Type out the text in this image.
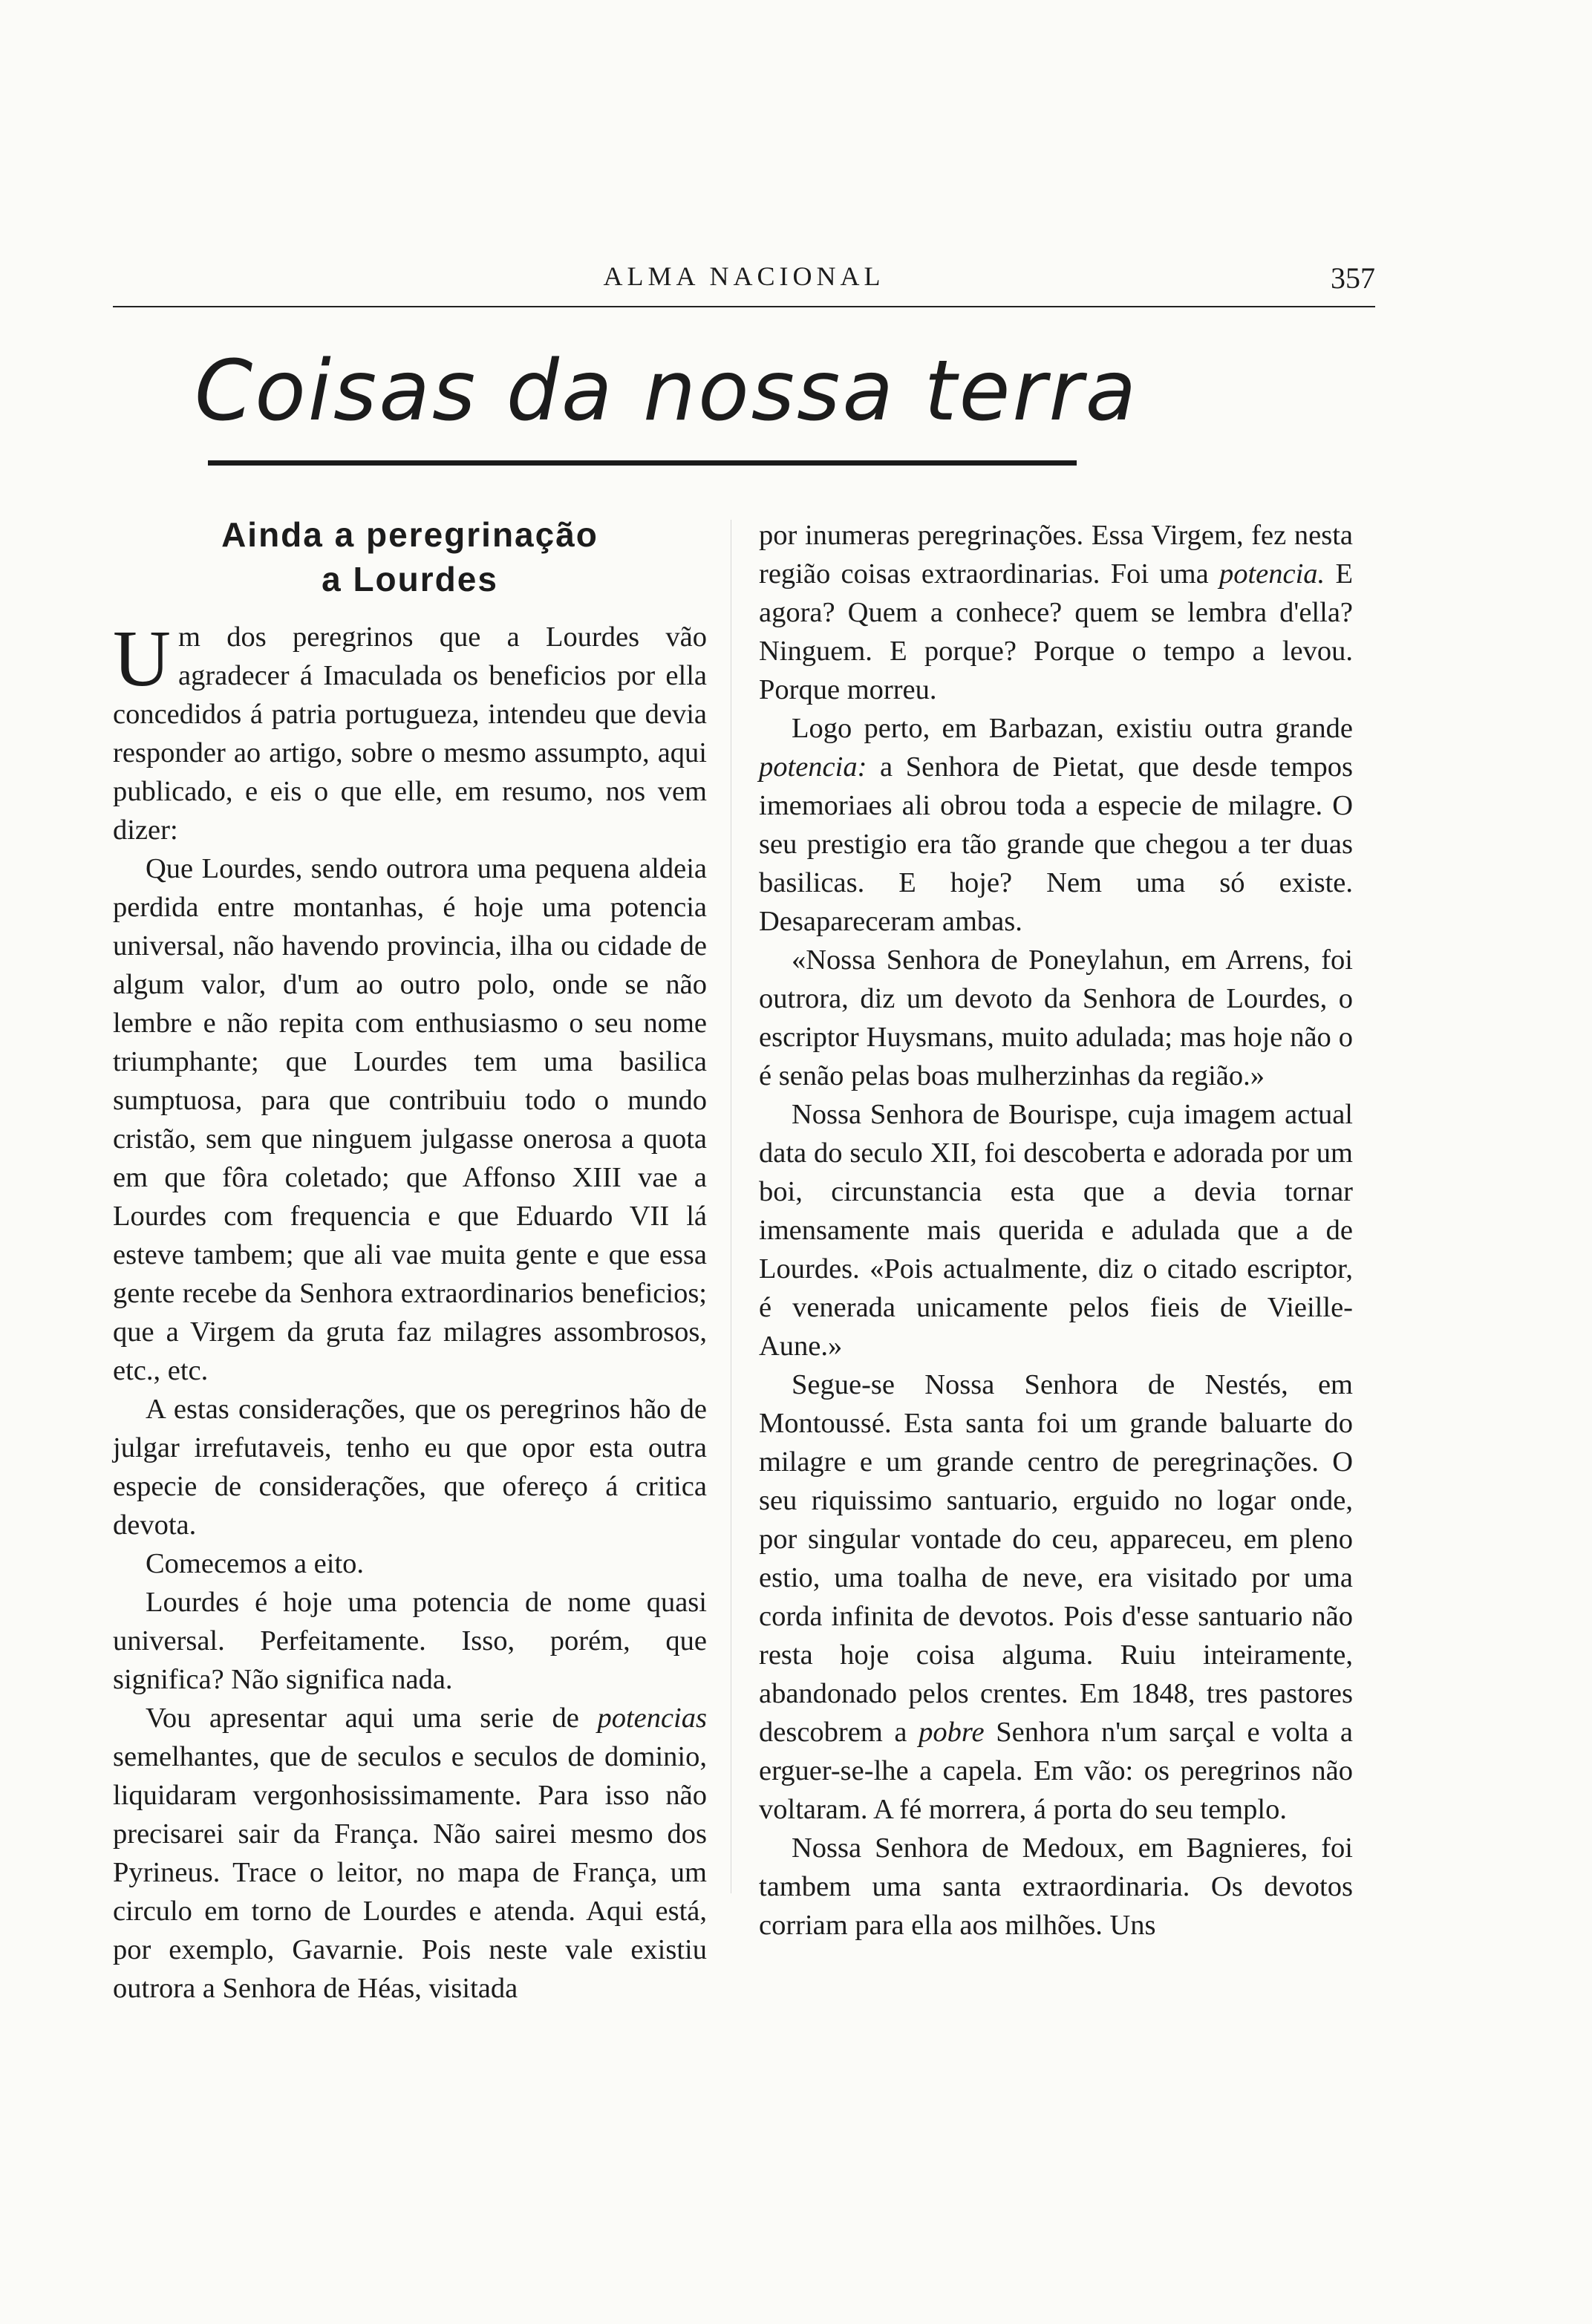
ALMA NACIONAL	357
Coisas da nossa terra
Ainda a peregrinação
a Lourdes

Um dos peregrinos que a Lourdes vão agradecer á Imaculada os beneficios por ella concedidos á patria portugueza, intendeu que devia responder ao artigo, sobre o mesmo assumpto, aqui publicado, e eis o que elle, em resumo, nos vem dizer:

Que Lourdes, sendo outrora uma pequena aldeia perdida entre montanhas, é hoje uma potencia universal, não havendo provincia, ilha ou cidade de algum valor, d'um ao outro polo, onde se não lembre e não repita com enthusiasmo o seu nome triumphante; que Lourdes tem uma basilica sumptuosa, para que contribuiu todo o mundo cristão, sem que ninguem julgasse onerosa a quota em que fôra coletado; que Affonso XIII vae a Lourdes com frequencia e que Eduardo VII lá esteve tambem; que ali vae muita gente e que essa gente recebe da Senhora extraordinarios beneficios; que a Virgem da gruta faz milagres assombrosos, etc., etc.

A estas considerações, que os peregrinos hão de julgar irrefutaveis, tenho eu que opor esta outra especie de considerações, que ofereço á critica devota.

Comecemos a eito.

Lourdes é hoje uma potencia de nome quasi universal. Perfeitamente. Isso, porém, que significa? Não significa nada.

Vou apresentar aqui uma serie de potencias semelhantes, que de seculos e seculos de dominio, liquidaram vergonhosissimamente. Para isso não precisarei sair da França. Não sairei mesmo dos Pyrineus. Trace o leitor, no mapa de França, um circulo em torno de Lourdes e atenda. Aqui está, por exemplo, Gavarnie. Pois neste vale existiu outrora a Senhora de Héas, visitada

por inumeras peregrinações. Essa Virgem, fez nesta região coisas extraordinarias. Foi uma potencia. E agora? Quem a conhece? quem se lembra d'ella? Ninguem. E porque? Porque o tempo a levou. Porque morreu.

Logo perto, em Barbazan, existiu outra grande potencia: a Senhora de Pietat, que desde tempos imemoriaes ali obrou toda a especie de milagre. O seu prestigio era tão grande que chegou a ter duas basilicas. E hoje? Nem uma só existe. Desapareceram ambas.

«Nossa Senhora de Poneylahun, em Arrens, foi outrora, diz um devoto da Senhora de Lourdes, o escriptor Huysmans, muito adulada; mas hoje não o é senão pelas boas mulherzinhas da região.»

Nossa Senhora de Bourispe, cuja imagem actual data do seculo XII, foi descoberta e adorada por um boi, circunstancia esta que a devia tornar imensamente mais querida e adulada que a de Lourdes. «Pois actualmente, diz o citado escriptor, é venerada unicamente pelos fieis de Vieille-Aune.»

Segue-se Nossa Senhora de Nestés, em Montoussé. Esta santa foi um grande baluarte do milagre e um grande centro de peregrinações. O seu riquissimo santuario, erguido no logar onde, por singular vontade do ceu, appareceu, em pleno estio, uma toalha de neve, era visitado por uma corda infinita de devotos. Pois d'esse santuario não resta hoje coisa alguma. Ruiu inteiramente, abandonado pelos crentes. Em 1848, tres pastores descobrem a pobre Senhora n'um sarçal e volta a erguer-se-lhe a capela. Em vão: os peregrinos não voltaram. A fé morrera, á porta do seu templo.

Nossa Senhora de Medoux, em Bagnieres, foi tambem uma santa extraordinaria. Os devotos corriam para ella aos milhões. Uns
